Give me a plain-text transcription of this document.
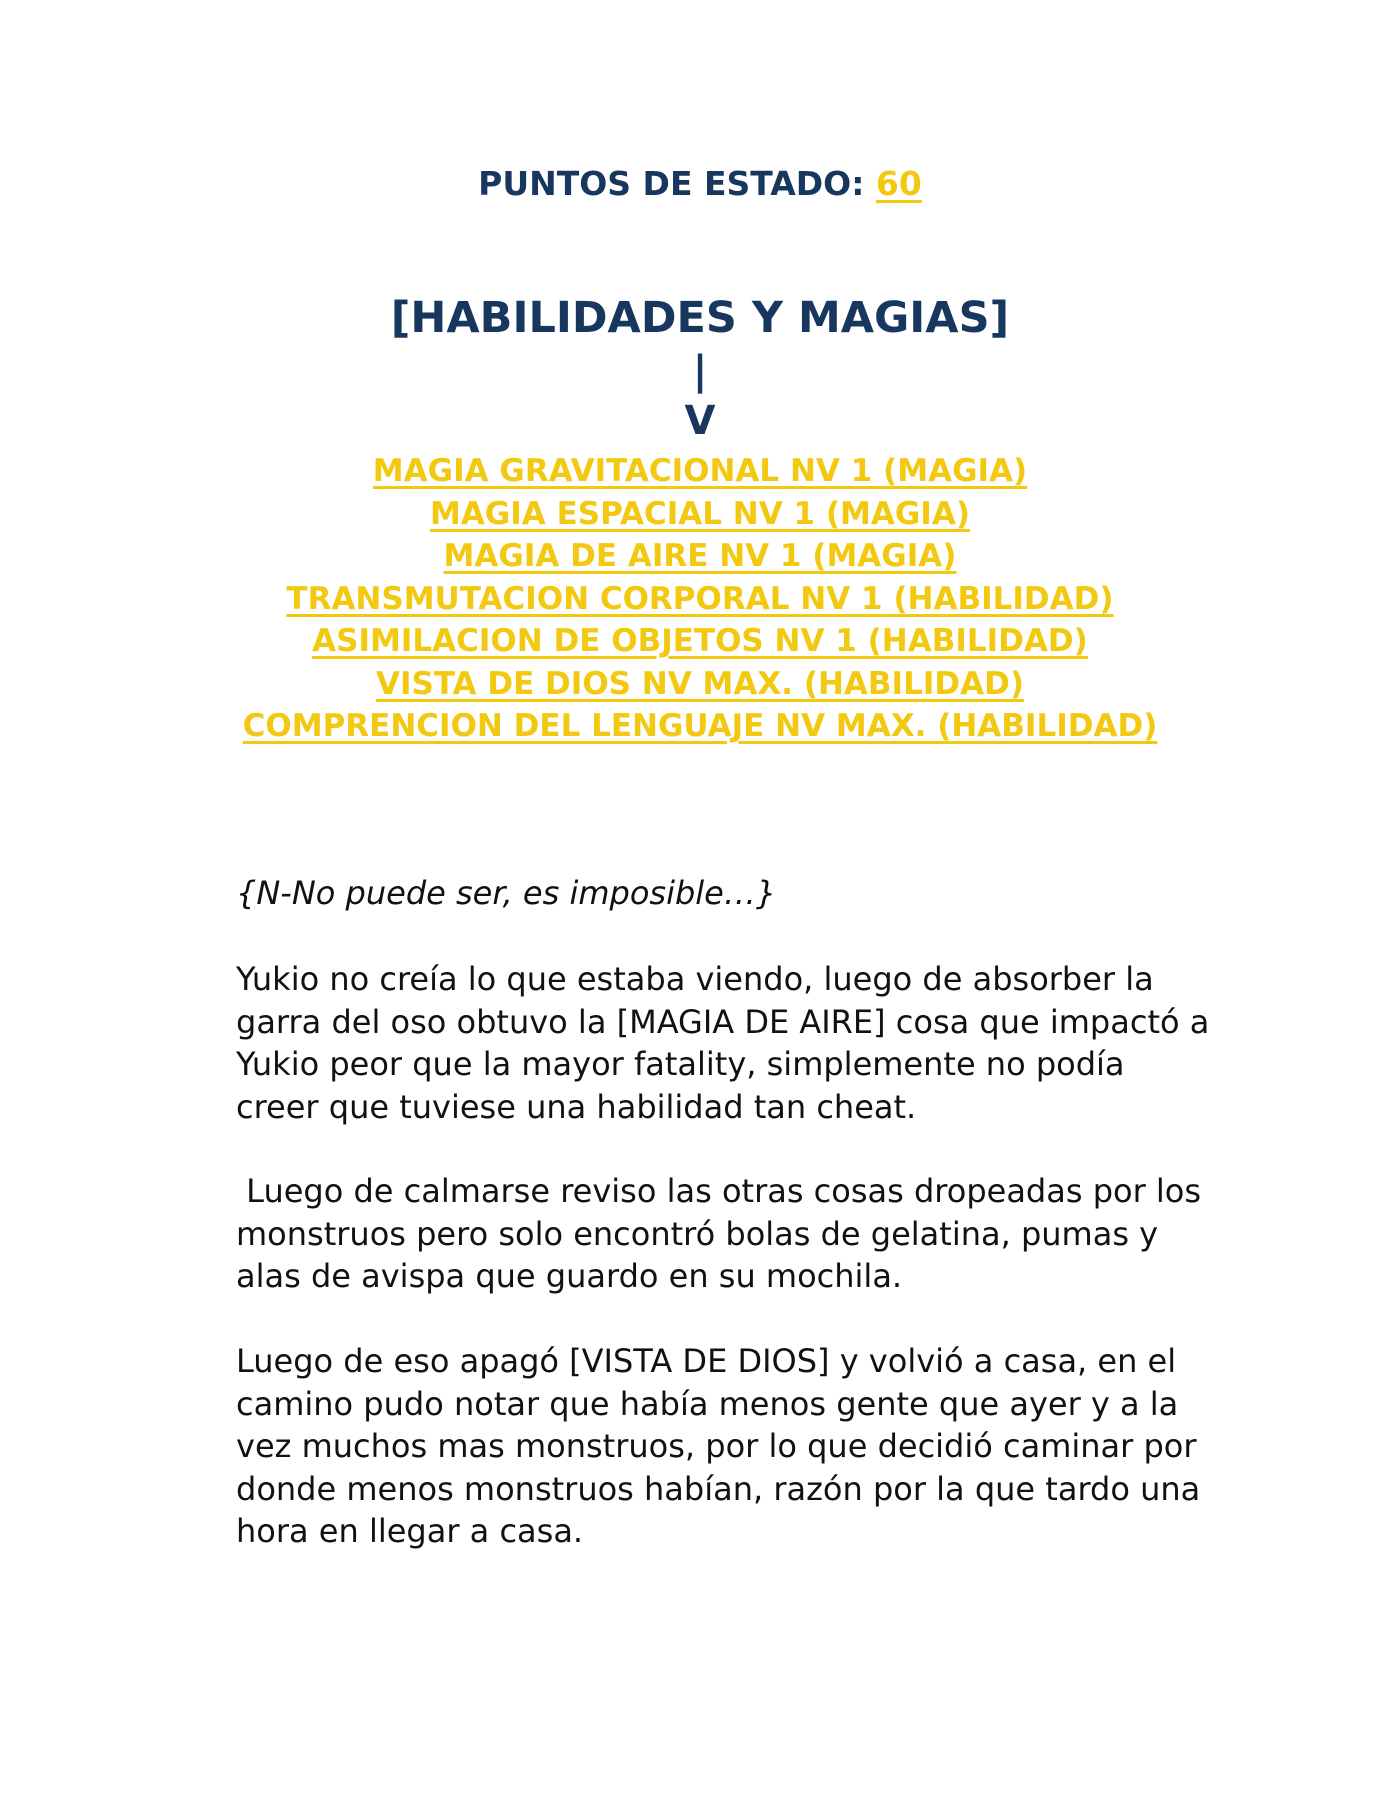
PUNTOS DE ESTADO: 60
[HABILIDADES Y MAGIAS]
|
V
MAGIA GRAVITACIONAL NV 1 (MAGIA)
MAGIA ESPACIAL NV 1 (MAGIA)
MAGIA DE AIRE NV 1 (MAGIA)
TRANSMUTACION CORPORAL NV 1 (HABILIDAD)
ASIMILACION DE OBJETOS NV 1 (HABILIDAD)
VISTA DE DIOS NV MAX. (HABILIDAD)
COMPRENCION DEL LENGUAJE NV MAX. (HABILIDAD)

{N-No puede ser, es imposible…}

Yukio no creía lo que estaba viendo, luego de absorber la garra del oso obtuvo la [MAGIA DE AIRE] cosa que impactó a Yukio peor que la mayor fatality, simplemente no podía creer que tuviese una habilidad tan cheat.

Luego de calmarse reviso las otras cosas dropeadas por los monstruos pero solo encontró bolas de gelatina, pumas y alas de avispa que guardo en su mochila.

Luego de eso apagó [VISTA DE DIOS] y volvió a casa, en el camino pudo notar que había menos gente que ayer y a la vez muchos mas monstruos, por lo que decidió caminar por donde menos monstruos habían, razón por la que tardo una hora en llegar a casa.
